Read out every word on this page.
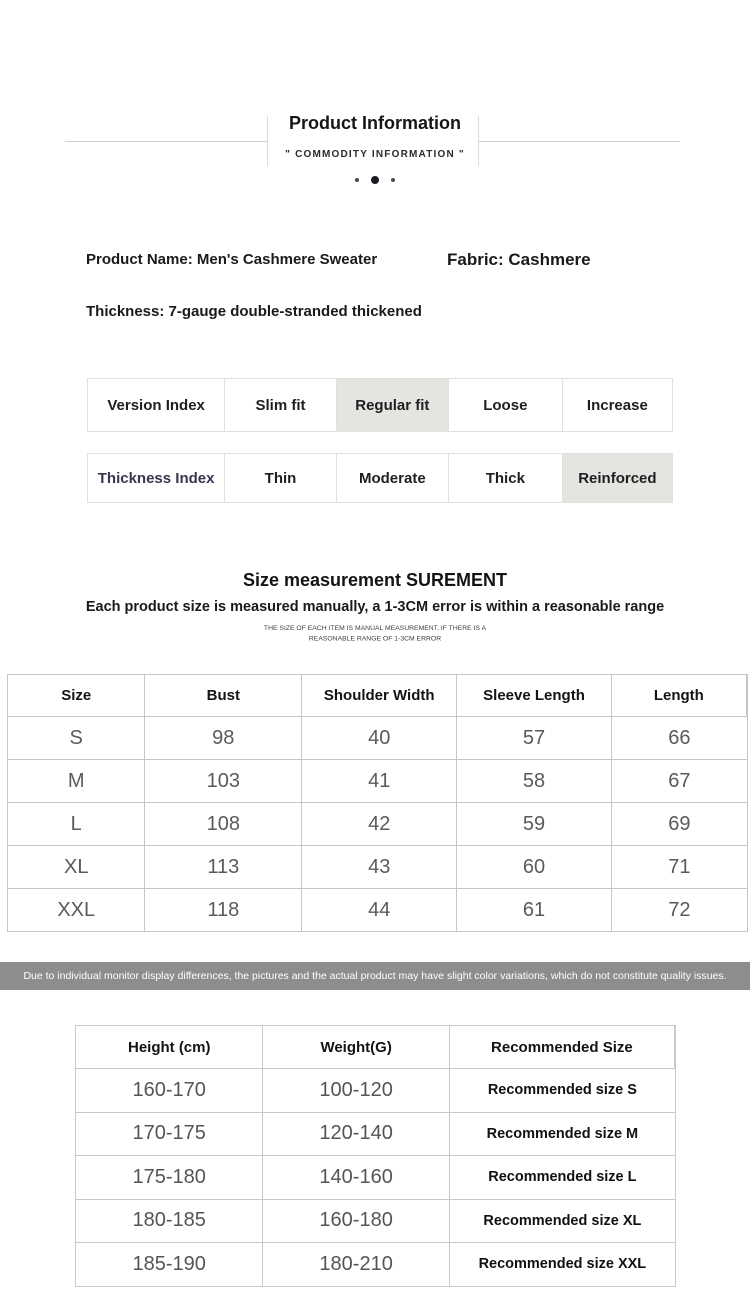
Product Information
" COMMODITY INFORMATION "
Product Name: Men's Cashmere Sweater	Fabric: Cashmere
Thickness: 7-gauge double-stranded thickened
Version Index	Slim fit	Regular fit	Loose	Increase
Thickness Index	Thin	Moderate	Thick	Reinforced
Size measurement SUREMENT
Each product size is measured manually, a 1-3CM error is within a reasonable range
THE SIZE OF EACH ITEM IS MANUAL MEASUREMENT, IF THERE IS A
REASONABLE RANGE OF 1-3CM ERROR
Size	Bust	Shoulder Width	Sleeve Length	Length
S	98	40	57	66
M	103	41	58	67
L	108	42	59	69
XL	113	43	60	71
XXL	118	44	61	72
Due to individual monitor display differences, the pictures and the actual product may have slight color variations, which do not constitute quality issues.
Height (cm)	Weight(G)	Recommended Size
160-170	100-120	Recommended size S
170-175	120-140	Recommended size M
175-180	140-160	Recommended size L
180-185	160-180	Recommended size XL
185-190	180-210	Recommended size XXL
